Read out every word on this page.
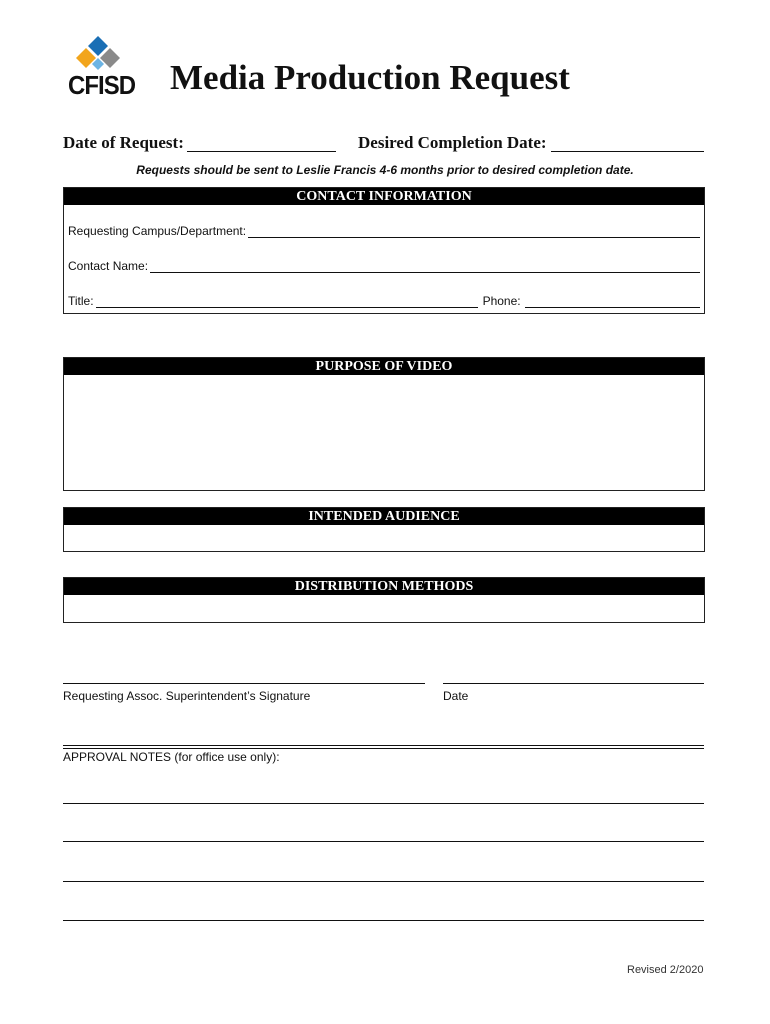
CFISD Media Production Request
Date of Request:	Desired Completion Date:
Requests should be sent to Leslie Francis 4-6 months prior to desired completion date.
CONTACT INFORMATION
Requesting Campus/Department:
Contact Name:
Title:	Phone:
PURPOSE OF VIDEO
INTENDED AUDIENCE
DISTRIBUTION METHODS
Requesting Assoc. Superintendent’s Signature	Date
APPROVAL NOTES (for office use only):
Revised 2/2020
